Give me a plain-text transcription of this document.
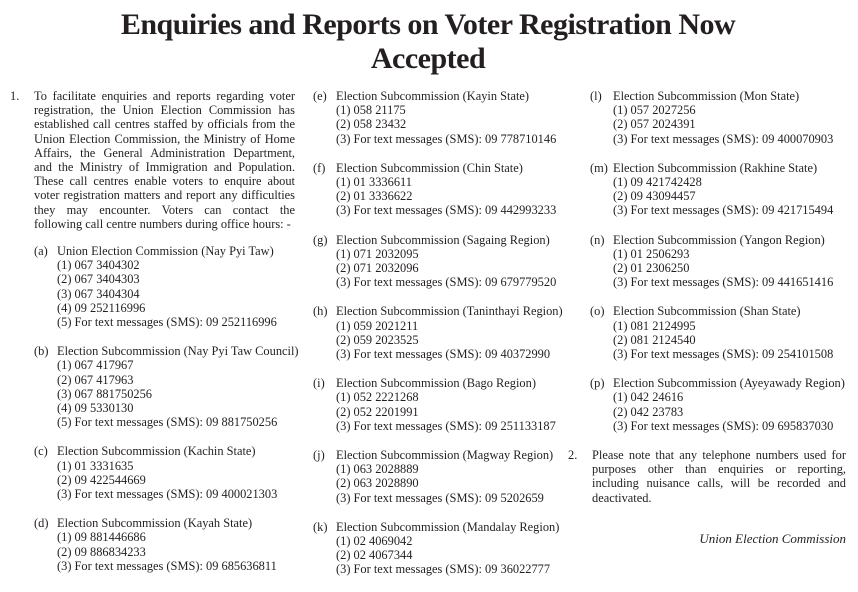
Enquiries and Reports on Voter Registration Now Accepted
1.	To facilitate enquiries and reports regarding voter registration, the Union Election Commission has established call centres staffed by officials from the Union Election Commission, the Ministry of Home Affairs, the General Administration Department, and the Ministry of Immigration and Population. These call centres enable voters to enquire about voter registration matters and report any difficulties they may encounter. Voters can contact the following call centre numbers during office hours: -
(a) Union Election Commission (Nay Pyi Taw)
(1) 067 3404302
(2) 067 3404303
(3) 067 3404304
(4) 09 252116996
(5) For text messages (SMS): 09 252116996
(b) Election Subcommission (Nay Pyi Taw Council)
(1) 067 417967
(2) 067 417963
(3) 067 881750256
(4) 09 5330130
(5) For text messages (SMS): 09 881750256
(c) Election Subcommission (Kachin State)
(1) 01 3331635
(2) 09 422544669
(3) For text messages (SMS): 09 400021303
(d) Election Subcommission (Kayah State)
(1) 09 881446686
(2) 09 886834233
(3) For text messages (SMS): 09 685636811
(e) Election Subcommission (Kayin State)
(1) 058 21175
(2) 058 23432
(3) For text messages (SMS): 09 778710146
(f) Election Subcommission (Chin State)
(1) 01 3336611
(2) 01 3336622
(3) For text messages (SMS): 09 442993233
(g) Election Subcommission (Sagaing Region)
(1) 071 2032095
(2) 071 2032096
(3) For text messages (SMS): 09 679779520
(h) Election Subcommission (Taninthayi Region)
(1) 059 2021211
(2) 059 2023525
(3) For text messages (SMS): 09 40372990
(i) Election Subcommission (Bago Region)
(1) 052 2221268
(2) 052 2201991
(3) For text messages (SMS): 09 251133187
(j) Election Subcommission (Magway Region)
(1) 063 2028889
(2) 063 2028890
(3) For text messages (SMS): 09 5202659
(k) Election Subcommission (Mandalay Region)
(1) 02 4069042
(2) 02 4067344
(3) For text messages (SMS): 09 36022777
(l) Election Subcommission (Mon State)
(1) 057 2027256
(2) 057 2024391
(3) For text messages (SMS): 09 400070903
(m) Election Subcommission (Rakhine State)
(1) 09 421742428
(2) 09 43094457
(3) For text messages (SMS): 09 421715494
(n) Election Subcommission (Yangon Region)
(1) 01 2506293
(2) 01 2306250
(3) For text messages (SMS): 09 441651416
(o) Election Subcommission (Shan State)
(1) 081 2124995
(2) 081 2124540
(3) For text messages (SMS): 09 254101508
(p) Election Subcommission (Ayeyawady Region)
(1) 042 24616
(2) 042 23783
(3) For text messages (SMS): 09 695837030
2.	Please note that any telephone numbers used for purposes other than enquiries or reporting, including nuisance calls, will be recorded and deactivated.
Union Election Commission
